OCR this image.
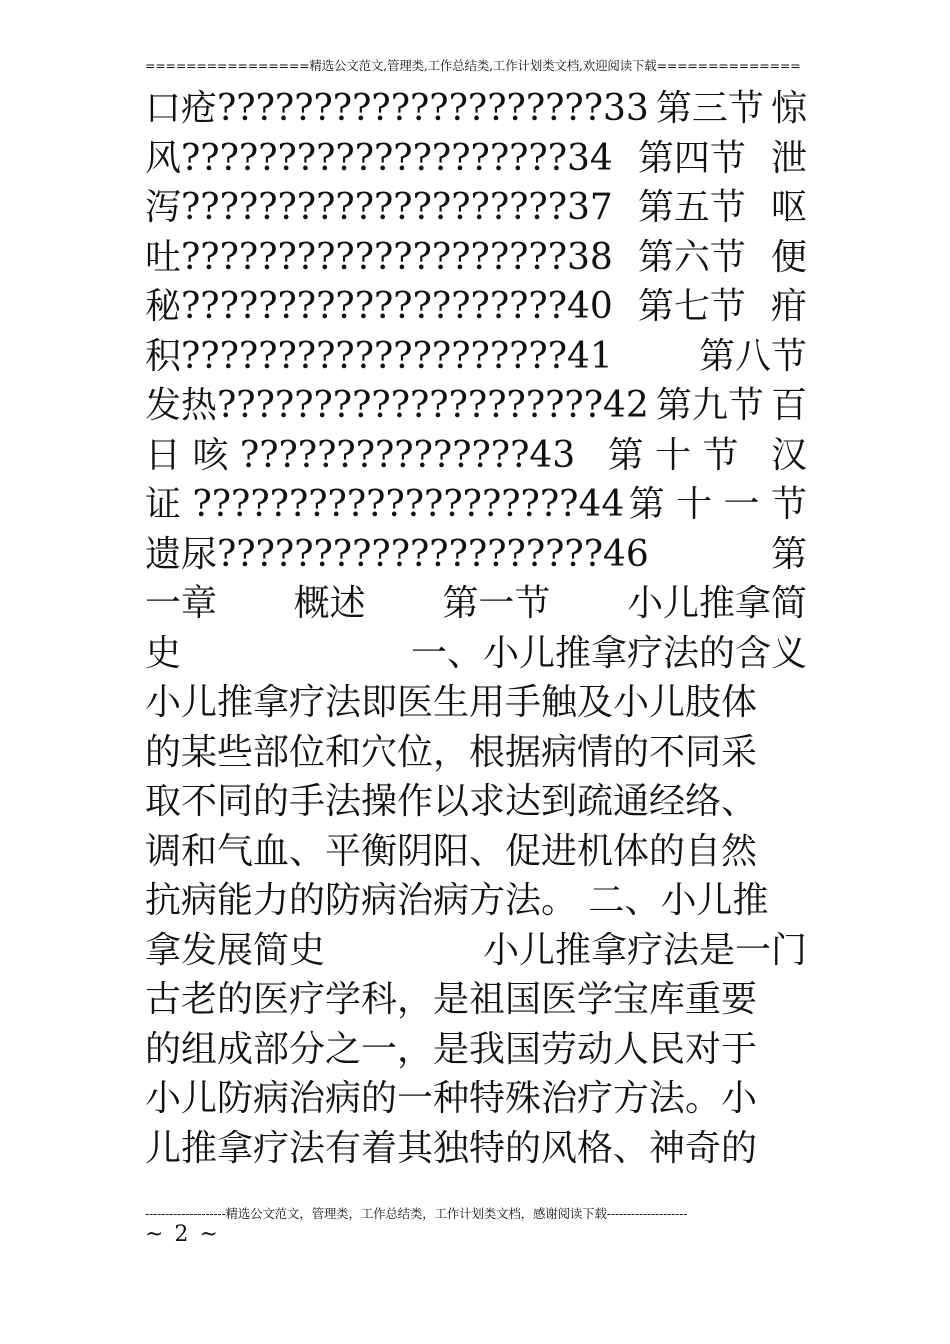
================精选公文范文,管理类,工作总结类,工作计划类文档,欢迎阅读下载==============
口疮????????????????????33 第三节 惊
风????????????????????34 第四节 泄
泻????????????????????37 第五节 呕
吐????????????????????38 第六节 便
秘????????????????????40 第七节 疳
积????????????????????41 第八节
发热????????????????????42 第九节 百
日 咳 ???????????????43 第 十 节 汉
证 ????????????????????44 第 十 一 节
遗尿????????????????????46	第
一章 概述 第一节 小儿推拿简
史	一、小儿推拿疗法的含义
小儿推拿疗法即医生用手触及小儿肢体
的某些部位和穴位，根据病情的不同采
取不同的手法操作以求达到疏通经络、
调和气血、平衡阴阳、促进机体的自然
抗病能力的防病治病方法。 二、小儿推
拿发展简史	小儿推拿疗法是一门
古老的医疗学科，是祖国医学宝库重要
的组成部分之一，是我国劳动人民对于
小儿防病治病的一种特殊治疗方法。小
儿推拿疗法有着其独特的风格、神奇的
--------------------精选公文范文，管理类，工作总结类，工作计划类文档，感谢阅读下载--------------------
~ 2 ~
